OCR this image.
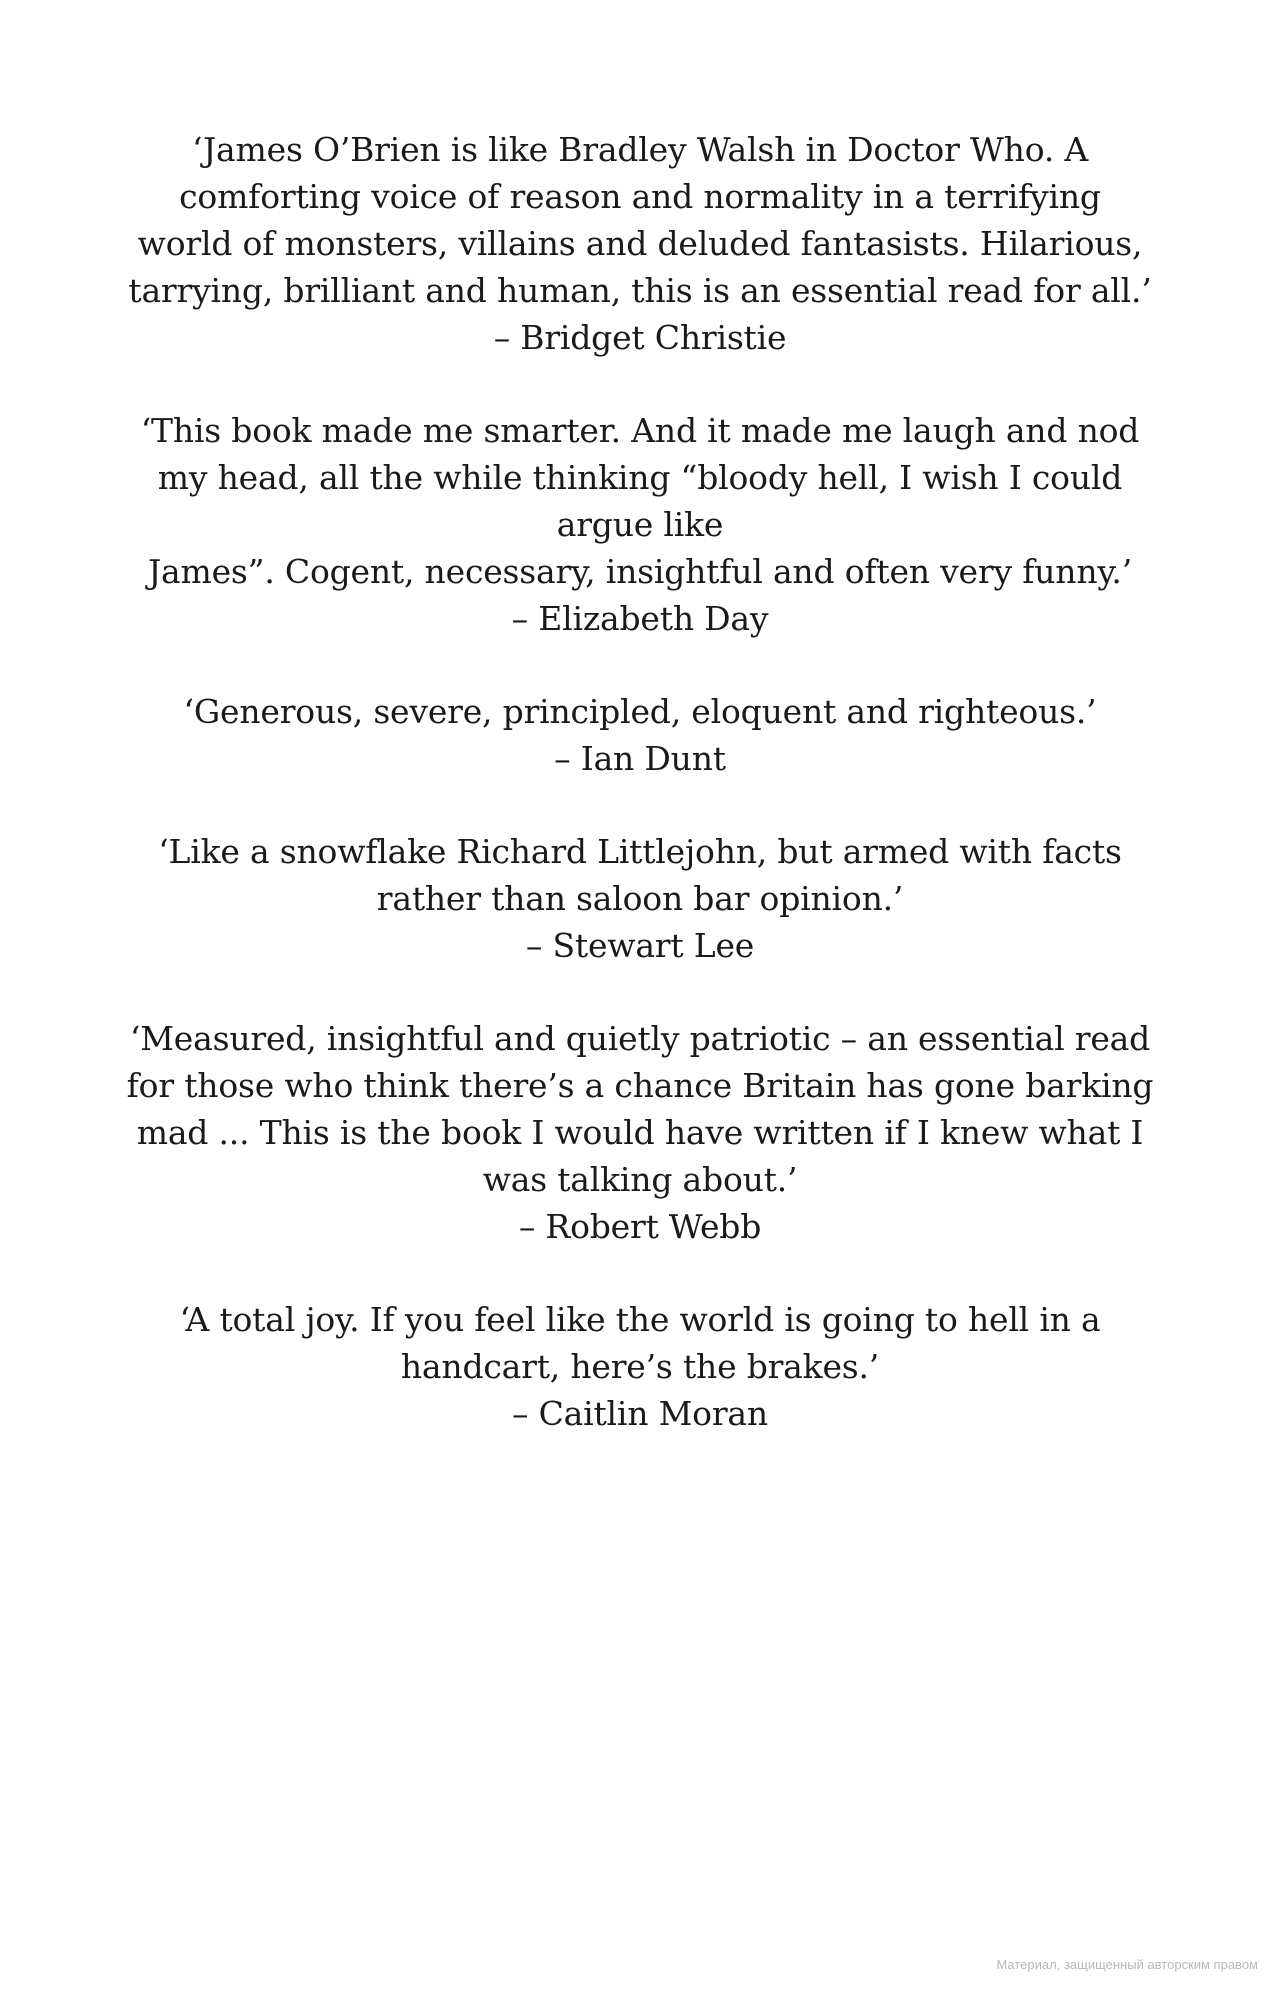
‘James O’Brien is like Bradley Walsh in Doctor Who. A
comforting voice of reason and normality in a terrifying
world of monsters, villains and deluded fantasists. Hilarious,
tarrying, brilliant and human, this is an essential read for all.’
– Bridget Christie
‘This book made me smarter. And it made me laugh and nod
my head, all the while thinking “bloody hell, I wish I could
argue like
James”. Cogent, necessary, insightful and often very funny.’
– Elizabeth Day
‘Generous, severe, principled, eloquent and righteous.’
– Ian Dunt
‘Like a snowflake Richard Littlejohn, but armed with facts
rather than saloon bar opinion.’
– Stewart Lee
‘Measured, insightful and quietly patriotic – an essential read
for those who think there’s a chance Britain has gone barking
mad ... This is the book I would have written if I knew what I
was talking about.’
– Robert Webb
‘A total joy. If you feel like the world is going to hell in a
handcart, here’s the brakes.’
– Caitlin Moran
Материал, защищенный авторским правом
